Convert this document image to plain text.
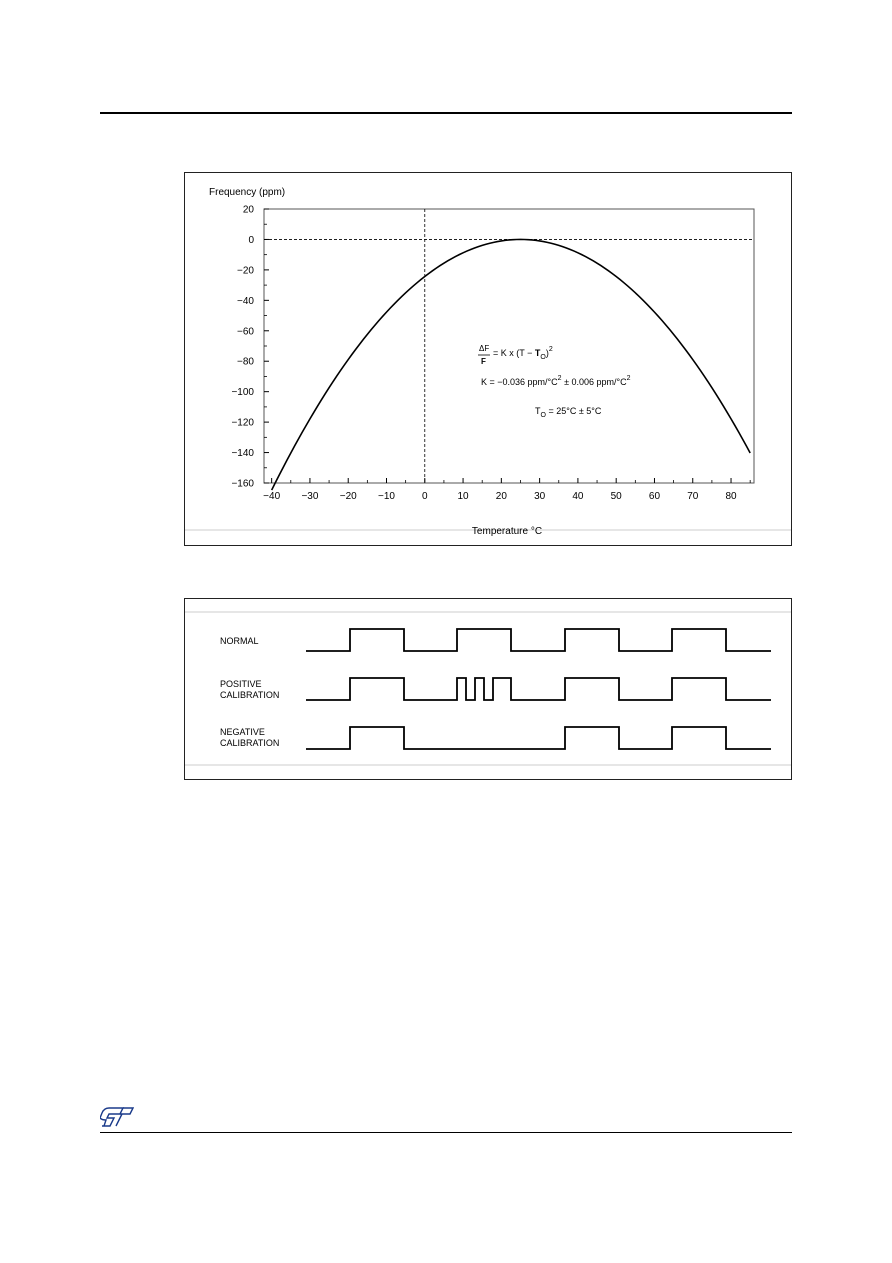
Frequency (ppm)
Temperature °C
20
0
−20
−40
−60
−80
−100
−120
−140
−160
−40 −30 −20 −10	0	10	20	30	40	50	60	70	80
ΔF
F
= K x $(T - T_O)^2$
K = −0.036 ppm/$^\circ C^2 \pm 0.006$ ppm/$^\circ C^2$
$T_O = 25^\circ C \pm 5^\circ C$
NORMAL
POSITIVE
CALIBRATION
NEGATIVE
CALIBRATION
